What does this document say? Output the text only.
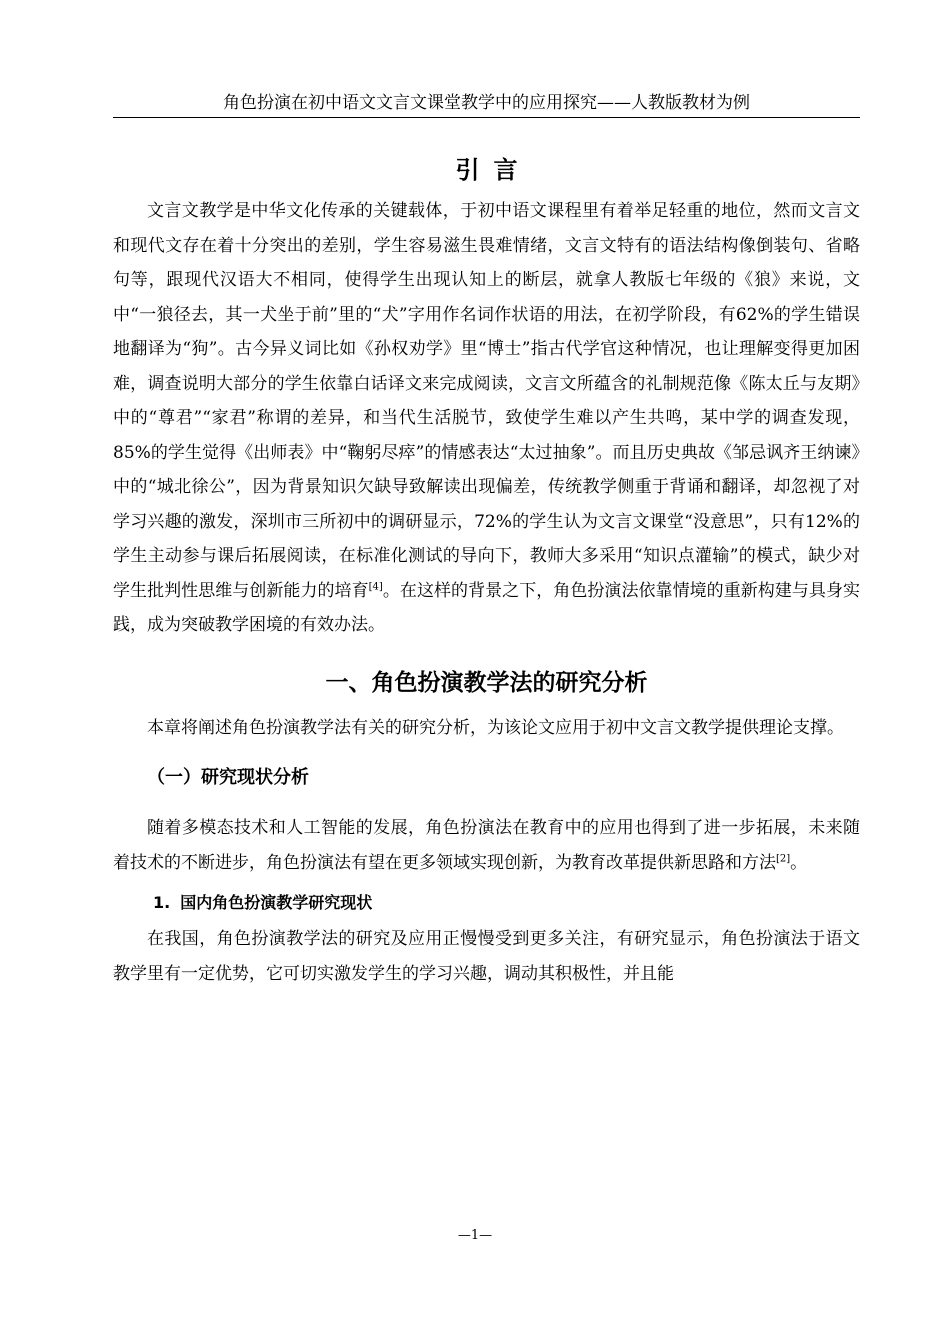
角色扮演在初中语文文言文课堂教学中的应用探究——人教版教材为例
引言

文言文教学是中华文化传承的关键载体，于初中语文课程里有着举足轻重的地位，然而文言文和现代文存在着十分突出的差别，学生容易滋生畏难情绪，文言文特有的语法结构像倒装句、省略句等，跟现代汉语大不相同，使得学生出现认知上的断层，就拿人教版七年级的《狼》来说，文中“一狼径去，其一犬坐于前”里的“犬”字用作名词作状语的用法，在初学阶段，有62%的学生错误地翻译为“狗”。古今异义词比如《孙权劝学》里“博士”指古代学官这种情况，也让理解变得更加困难，调查说明大部分的学生依靠白话译文来完成阅读，文言文所蕴含的礼制规范像《陈太丘与友期》中的“尊君”“家君”称谓的差异，和当代生活脱节，致使学生难以产生共鸣，某中学的调查发现，85%的学生觉得《出师表》中“鞠躬尽瘁”的情感表达“太过抽象”。而且历史典故《邹忌讽齐王纳谏》中的“城北徐公”，因为背景知识欠缺导致解读出现偏差，传统教学侧重于背诵和翻译，却忽视了对学习兴趣的激发，深圳市三所初中的调研显示，72%的学生认为文言文课堂“没意思”，只有12%的学生主动参与课后拓展阅读，在标准化测试的导向下，教师大多采用“知识点灌输”的模式，缺少对学生批判性思维与创新能力的培育[4]。在这样的背景之下，角色扮演法依靠情境的重新构建与具身实践，成为突破教学困境的有效办法。

一、角色扮演教学法的研究分析

本章将阐述角色扮演教学法有关的研究分析，为该论文应用于初中文言文教学提供理论支撑。

（一）研究现状分析

随着多模态技术和人工智能的发展，角色扮演法在教育中的应用也得到了进一步拓展，未来随着技术的不断进步，角色扮演法有望在更多领域实现创新，为教育改革提供新思路和方法[2]。

1. 国内角色扮演教学研究现状

在我国，角色扮演教学法的研究及应用正慢慢受到更多关注，有研究显示，角色扮演法于语文教学里有一定优势，它可切实激发学生的学习兴趣，调动其积极性，并且能

—1—
